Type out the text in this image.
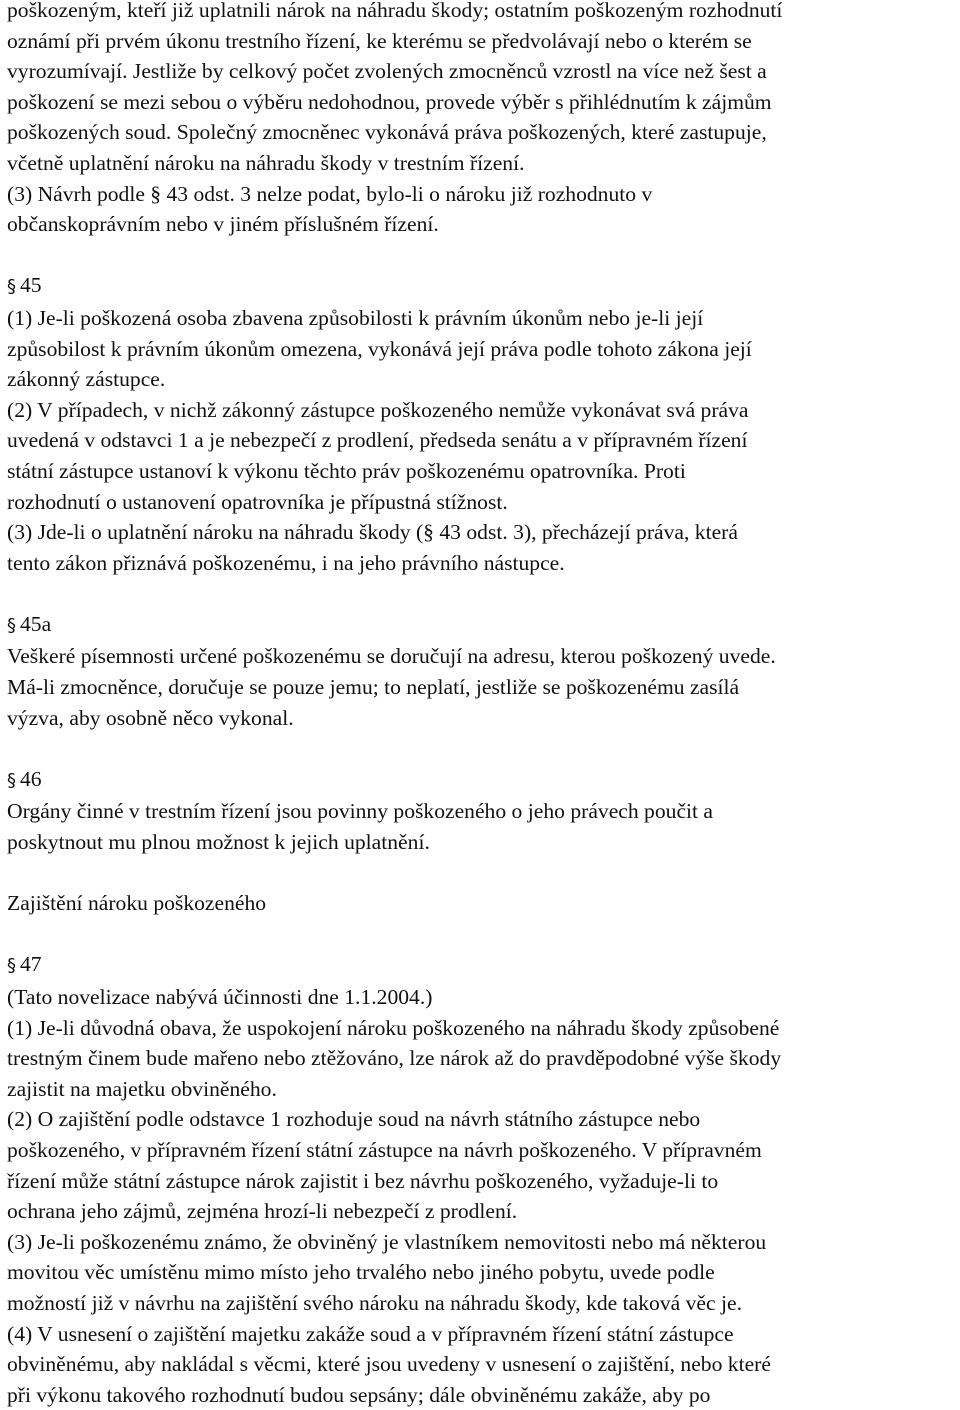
poškozeným, kteří již uplatnili nárok na náhradu škody; ostatním poškozeným rozhodnutí
oznámí při prvém úkonu trestního řízení, ke kterému se předvolávají nebo o kterém se
vyrozumívají. Jestliže by celkový počet zvolených zmocněnců vzrostl na více než šest a
poškození se mezi sebou o výběru nedohodnou, provede výběr s přihlédnutím k zájmům
poškozených soud. Společný zmocněnec vykonává práva poškozených, které zastupuje,
včetně uplatnění nároku na náhradu škody v trestním řízení.

(3) Návrh podle § 43 odst. 3 nelze podat, bylo-li o nároku již rozhodnuto v
občanskoprávním nebo v jiném příslušném řízení.

§ 45

(1) Je-li poškozená osoba zbavena způsobilosti k právním úkonům nebo je-li její
způsobilost k právním úkonům omezena, vykonává její práva podle tohoto zákona její
zákonný zástupce.

(2) V případech, v nichž zákonný zástupce poškozeného nemůže vykonávat svá práva
uvedená v odstavci 1 a je nebezpečí z prodlení, předseda senátu a v přípravném řízení
státní zástupce ustanoví k výkonu těchto práv poškozenému opatrovníka. Proti
rozhodnutí o ustanovení opatrovníka je přípustná stížnost.

(3) Jde-li o uplatnění nároku na náhradu škody (§ 43 odst. 3), přecházejí práva, která
tento zákon přiznává poškozenému, i na jeho právního nástupce.

§ 45a

Veškeré písemnosti určené poškozenému se doručují na adresu, kterou poškozený uvede.
Má-li zmocněnce, doručuje se pouze jemu; to neplatí, jestliže se poškozenému zasílá
výzva, aby osobně něco vykonal.

§ 46

Orgány činné v trestním řízení jsou povinny poškozeného o jeho právech poučit a
poskytnout mu plnou možnost k jejich uplatnění.

Zajištění nároku poškozeného

§ 47

(Tato novelizace nabývá účinnosti dne 1.1.2004.)

(1) Je-li důvodná obava, že uspokojení nároku poškozeného na náhradu škody způsobené
trestným činem bude mařeno nebo ztěžováno, lze nárok až do pravděpodobné výše škody
zajistit na majetku obviněného.

(2) O zajištění podle odstavce 1 rozhoduje soud na návrh státního zástupce nebo
poškozeného, v přípravném řízení státní zástupce na návrh poškozeného. V přípravném
řízení může státní zástupce nárok zajistit i bez návrhu poškozeného, vyžaduje-li to
ochrana jeho zájmů, zejména hrozí-li nebezpečí z prodlení.

(3) Je-li poškozenému známo, že obviněný je vlastníkem nemovitosti nebo má některou
movitou věc umístěnu mimo místo jeho trvalého nebo jiného pobytu, uvede podle
možností již v návrhu na zajištění svého nároku na náhradu škody, kde taková věc je.

(4) V usnesení o zajištění majetku zakáže soud a v přípravném řízení státní zástupce
obviněnému, aby nakládal s věcmi, které jsou uvedeny v usnesení o zajištění, nebo které
při výkonu takového rozhodnutí budou sepsány; dále obviněnému zakáže, aby po
